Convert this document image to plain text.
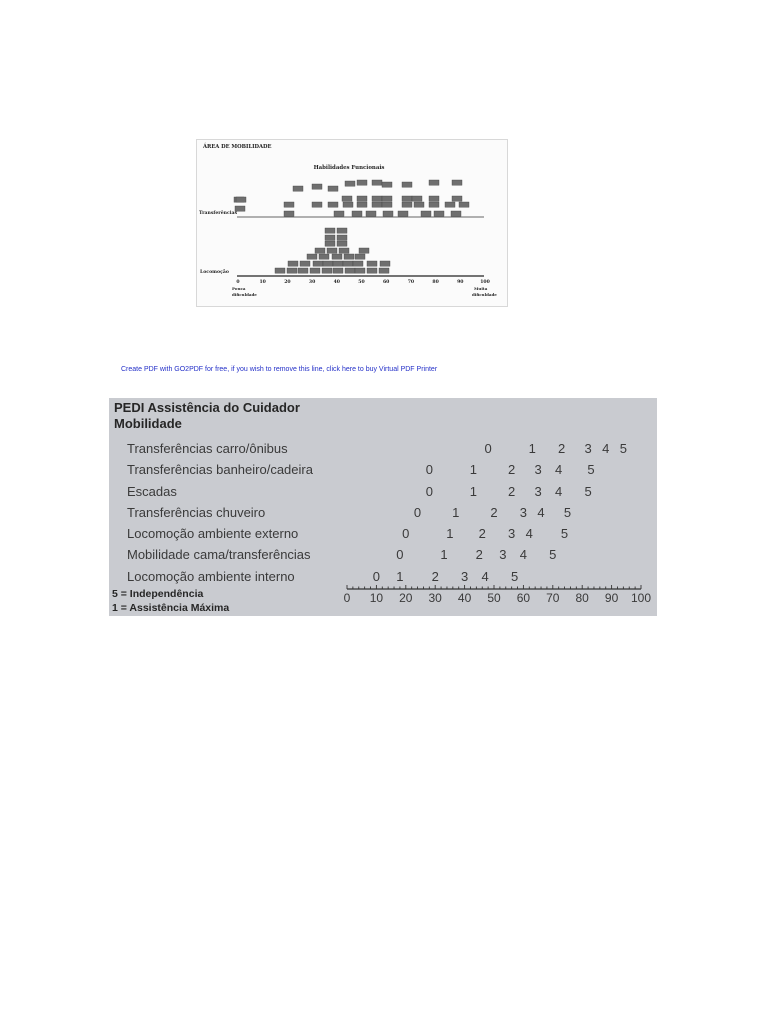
ÁREA DE MOBILIDADE
Habilidades Funcionais
Transferências
Locomoção
0	10	20	30	40	50	60	70	80	90	100
Pouca
dificuldade
Muita
dificuldade
Create PDF with GO2PDF for free, if you wish to remove this line, click here to buy Virtual PDF Printer
PEDI Assistência do Cuidador
Mobilidade
Transferências carro/ônibus	0	1 2 3 4 5
Transferências banheiro/cadeira	0	1 2 3 4 5
Escadas	0	1 2 3 4 5
Transferências chuveiro	0 1 2 3 4 5
Locomoção ambiente externo	0	1 2 3 4 5
Mobilidade cama/transferências	0	1 2 3 4 5
Locomoção ambiente interno	0 1 2 3 4 5
5 = Independência
1 = Assistência Máxima
0 10 20 30 40 50 60 70 80 90 100
